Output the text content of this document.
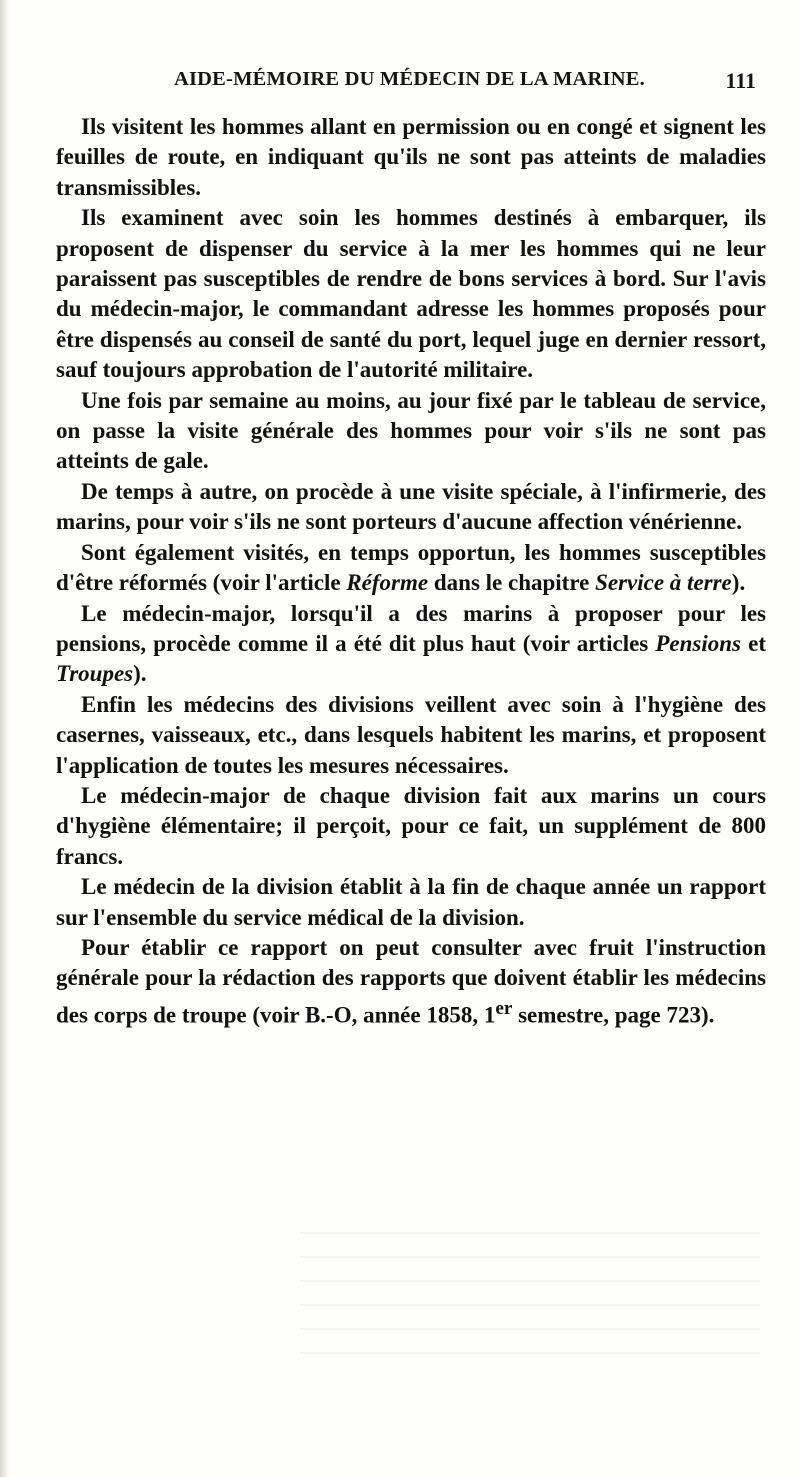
AIDE-MÉMOIRE DU MÉDECIN DE LA MARINE.	111

Ils visitent les hommes allant en permission ou en congé et signent les feuilles de route, en indiquant qu'ils ne sont pas atteints de maladies transmissibles.

Ils examinent avec soin les hommes destinés à embarquer, ils proposent de dispenser du service à la mer les hommes qui ne leur paraissent pas susceptibles de rendre de bons services à bord. Sur l'avis du médecin-major, le commandant adresse les hommes proposés pour être dispensés au conseil de santé du port, lequel juge en dernier ressort, sauf toujours approbation de l'autorité militaire.

Une fois par semaine au moins, au jour fixé par le tableau de service, on passe la visite générale des hommes pour voir s'ils ne sont pas atteints de gale.

De temps à autre, on procède à une visite spéciale, à l'infirmerie, des marins, pour voir s'ils ne sont porteurs d'aucune affection vénérienne.

Sont également visités, en temps opportun, les hommes susceptibles d'être réformés (voir l'article Réforme dans le chapitre Service à terre).

Le médecin-major, lorsqu'il a des marins à proposer pour les pensions, procède comme il a été dit plus haut (voir articles Pensions et Troupes).

Enfin les médecins des divisions veillent avec soin à l'hygiène des casernes, vaisseaux, etc., dans lesquels habitent les marins, et proposent l'application de toutes les mesures nécessaires.

Le médecin-major de chaque division fait aux marins un cours d'hygiène élémentaire; il perçoit, pour ce fait, un supplément de 800 francs.

Le médecin de la division établit à la fin de chaque année un rapport sur l'ensemble du service médical de la division.

Pour établir ce rapport on peut consulter avec fruit l'instruction générale pour la rédaction des rapports que doivent établir les médecins des corps de troupe (voir B.-O, année 1858, 1er semestre, page 723).
